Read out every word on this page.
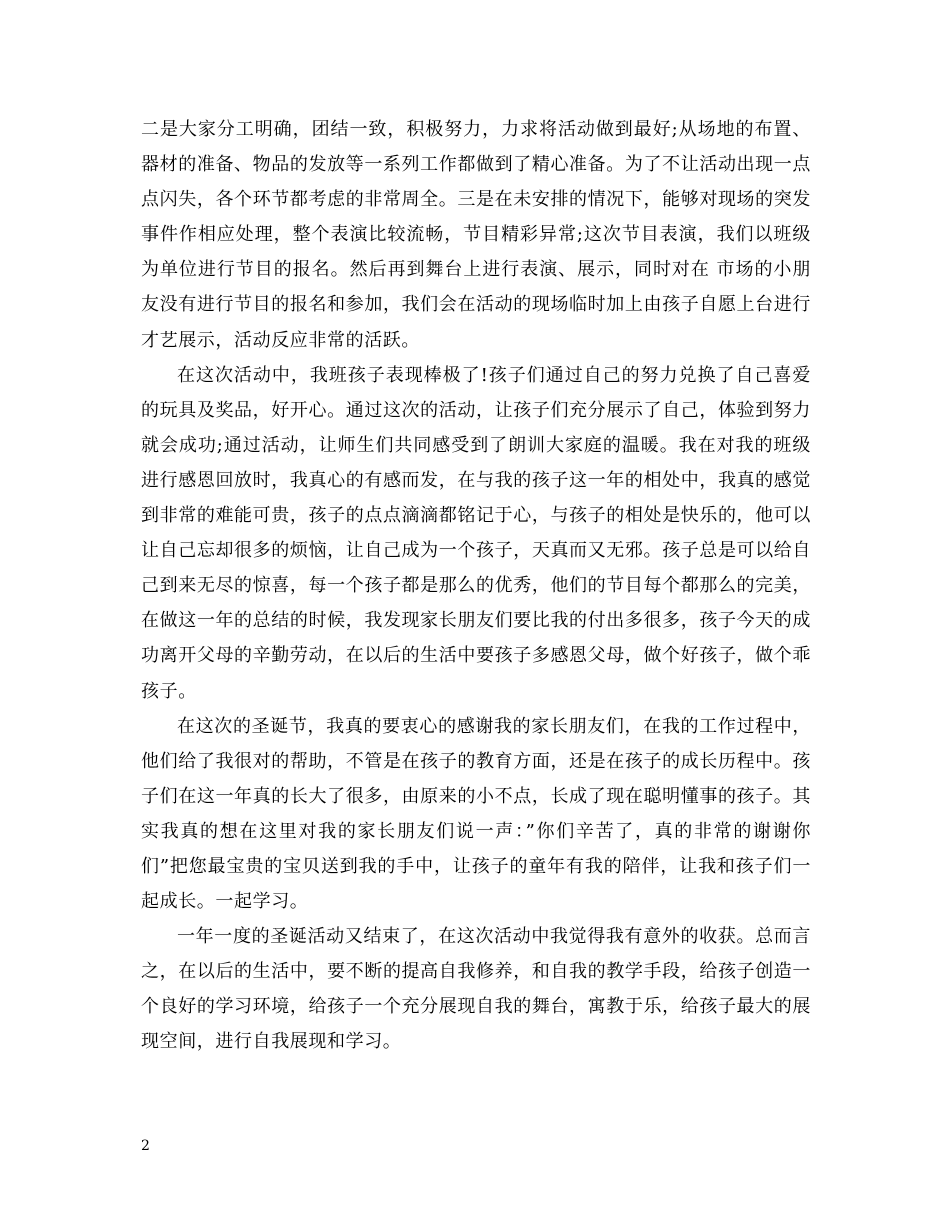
二是大家分工明确，团结一致，积极努力，力求将活动做到最好;从场地的布置、器材的准备、物品的发放等一系列工作都做到了精心准备。为了不让活动出现一点点闪失，各个环节都考虑的非常周全。三是在未安排的情况下，能够对现场的突发事件作相应处理，整个表演比较流畅，节目精彩异常;这次节目表演，我们以班级为单位进行节目的报名。然后再到舞台上进行表演、展示，同时对在 市场的小朋友没有进行节目的报名和参加，我们会在活动的现场临时加上由孩子自愿上台进行才艺展示，活动反应非常的活跃。

在这次活动中，我班孩子表现棒极了!孩子们通过自己的努力兑换了自己喜爱的玩具及奖品，好开心。通过这次的活动，让孩子们充分展示了自己，体验到努力就会成功;通过活动，让师生们共同感受到了朗训大家庭的温暖。我在对我的班级进行感恩回放时，我真心的有感而发，在与我的孩子这一年的相处中，我真的感觉到非常的难能可贵，孩子的点点滴滴都铭记于心，与孩子的相处是快乐的，他可以让自己忘却很多的烦恼，让自己成为一个孩子，天真而又无邪。孩子总是可以给自己到来无尽的惊喜，每一个孩子都是那么的优秀，他们的节目每个都那么的完美，在做这一年的总结的时候，我发现家长朋友们要比我的付出多很多，孩子今天的成功离开父母的辛勤劳动，在以后的生活中要孩子多感恩父母，做个好孩子，做个乖孩子。

在这次的圣诞节，我真的要衷心的感谢我的家长朋友们，在我的工作过程中，他们给了我很对的帮助，不管是在孩子的教育方面，还是在孩子的成长历程中。孩子们在这一年真的长大了很多，由原来的小不点，长成了现在聪明懂事的孩子。其实我真的想在这里对我的家长朋友们说一声：”你们辛苦了，真的非常的谢谢你们”把您最宝贵的宝贝送到我的手中，让孩子的童年有我的陪伴，让我和孩子们一起成长。一起学习。

一年一度的圣诞活动又结束了，在这次活动中我觉得我有意外的收获。总而言之，在以后的生活中，要不断的提高自我修养，和自我的教学手段，给孩子创造一个良好的学习环境，给孩子一个充分展现自我的舞台，寓教于乐，给孩子最大的展现空间，进行自我展现和学习。

2
